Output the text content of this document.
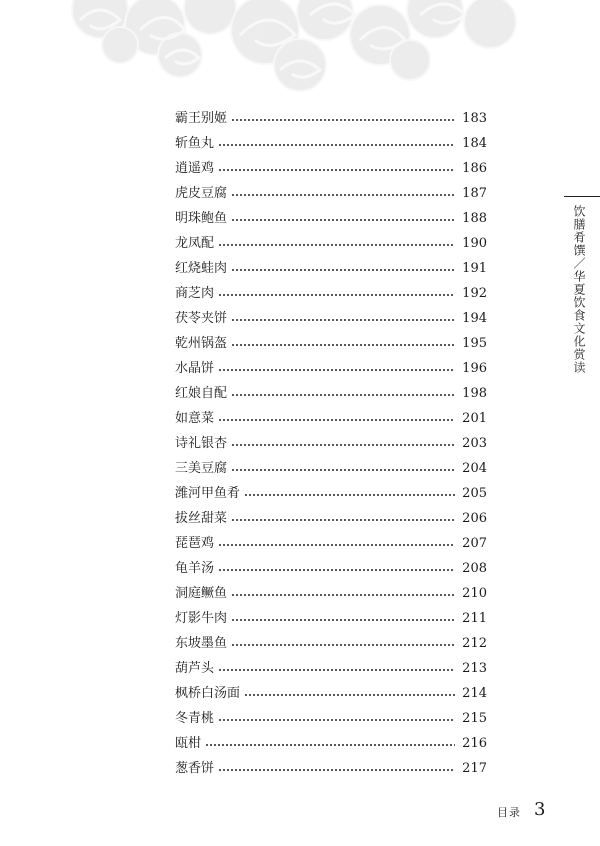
霸王别姬	183
斩鱼丸	184
逍遥鸡	186
虎皮豆腐	187
明珠鲍鱼	188
龙凤配	190
红烧蛙肉	191
商芝肉	192
茯苓夹饼	194
乾州锅盔	195
水晶饼	196
红娘自配	198
如意菜	201
诗礼银杏	203
三美豆腐	204
潍河甲鱼肴	205
拔丝甜菜	206
琵琶鸡	207
龟羊汤	208
洞庭鳜鱼	210
灯影牛肉	211
东坡墨鱼	212
葫芦头	213
枫桥白汤面	214
冬青桃	215
瓯柑	216
葱香饼	217
饮膳肴馔／华夏饮食文化赏读
目录 3
